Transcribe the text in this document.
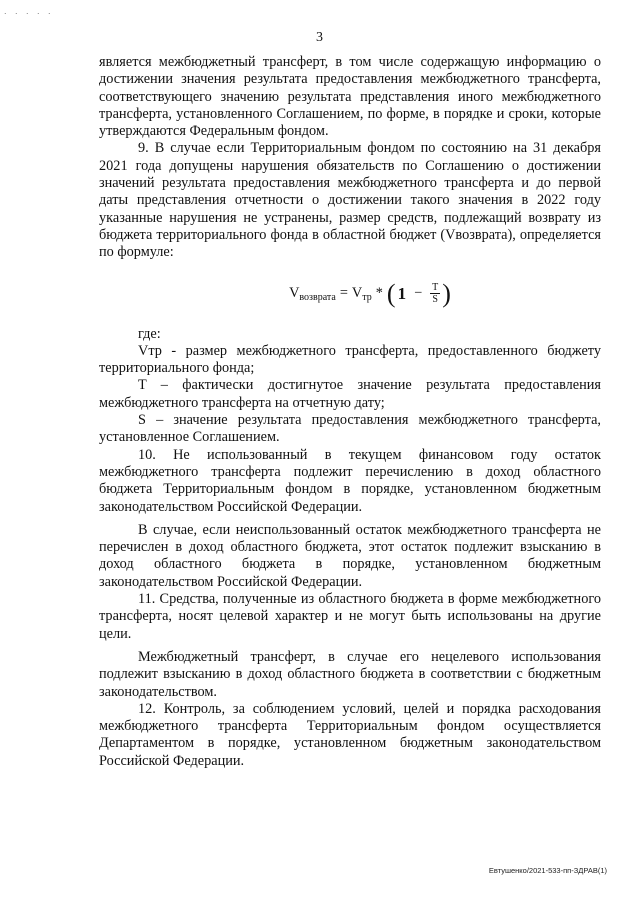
. . . . .
3

является межбюджетный трансферт, в том числе содержащую информацию о достижении значения результата предоставления межбюджетного трансферта, соответствующего значению результата представления иного межбюджетного трансферта, установленного Соглашением, по форме, в порядке и сроки, которые утверждаются Федеральным фондом.

9. В случае если Территориальным фондом по состоянию на 31 декабря 2021 года допущены нарушения обязательств по Соглашению о достижении значений результата предоставления межбюджетного трансферта и до первой даты представления отчетности о достижении такого значения в 2022 году указанные нарушения не устранены, размер средств, подлежащий возврату из бюджета территориального фонда в областной бюджет (Vвозврата), определяется по формуле:

V возврата = V тр * ( $1 - \frac{T}{S}$ )

где:

Vтр - размер межбюджетного трансферта, предоставленного бюджету территориального фонда;

T – фактически достигнутое значение результата предоставления межбюджетного трансферта на отчетную дату;

S – значение результата предоставления межбюджетного трансферта, установленное Соглашением.

10. Не использованный в текущем финансовом году остаток межбюджетного трансферта подлежит перечислению в доход областного бюджета Территориальным фондом в порядке, установленном бюджетным законодательством Российской Федерации.

В случае, если неиспользованный остаток межбюджетного трансферта не перечислен в доход областного бюджета, этот остаток подлежит взысканию в доход областного бюджета в порядке, установленном бюджетным законодательством Российской Федерации.

11. Средства, полученные из областного бюджета в форме межбюджетного трансферта, носят целевой характер и не могут быть использованы на другие цели.

Межбюджетный трансферт, в случае его нецелевого использования подлежит взысканию в доход областного бюджета в соответствии с бюджетным законодательством.

12. Контроль, за соблюдением условий, целей и порядка расходования межбюджетного трансферта Территориальным фондом осуществляется Департаментом в порядке, установленном бюджетным законодательством Российской Федерации.

Евтушенко/2021-533-пп-ЗДРАВ(1)
